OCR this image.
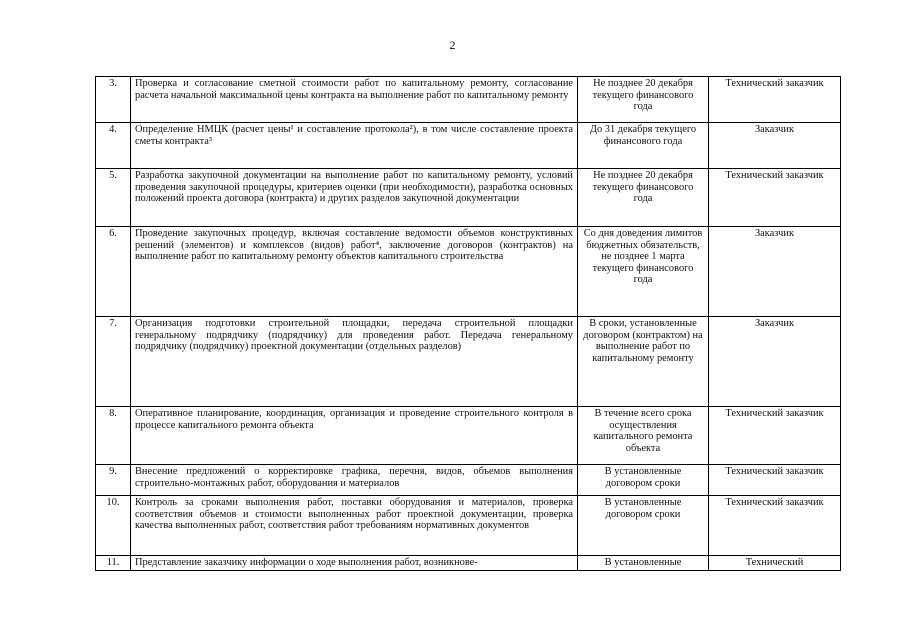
2
3.	Проверка и согласование сметной стоимости работ по капитальному ремонту, согласование расчета начальной максимальной цены контракта на выполнение работ по капитальному ремонту	Не позднее 20 декабря текущего финансового года	Технический заказчик
4.	Определение НМЦК (расчет цены¹ и составление протокола²), в том числе составление проекта сметы контракта³	До 31 декабря текущего финансового года	Заказчик
5.	Разработка закупочной документации на выполнение работ по капитальному ремонту, условий проведения закупочной процедуры, критериев оценки (при необходимости), разработка основных положений проекта договора (контракта) и других разделов закупочной документации	Не позднее 20 декабря текущего финансового года	Технический заказчик
6.	Проведение закупочных процедур, включая составление ведомости объемов конструктивных решений (элементов) и комплексов (видов) работ⁴, заключение договоров (контрактов) на выполнение работ по капитальному ремонту объектов капитального строительства	Со дня доведения лимитов бюджетных обязательств, не позднее 1 марта текущего финансового года	Заказчик
7.	Организация подготовки строительной площадки, передача строительной площадки генеральному подрядчику (подрядчику) для проведения работ. Передача генеральному подрядчику (подрядчику) проектной документации (отдельных разделов)	В сроки, установленные договором (контрактом) на выполнение работ по капитальному ремонту	Заказчик
8.	Оперативное планирование, координация, организация и проведение строительного контроля в процессе капитального ремонта объекта	В течение всего срока осуществления капитального ремонта объекта	Технический заказчик
9.	Внесение предложений о корректировке графика, перечня, видов, объемов выполнения строительно-монтажных работ, оборудования и материалов	В установленные договором сроки	Технический заказчик
10.	Контроль за сроками выполнения работ, поставки оборудования и материалов, проверка соответствия объемов и стоимости выполненных работ проектной документации, проверка качества выполненных работ, соответствия работ требованиям нормативных документов	В установленные договором сроки	Технический заказчик
11.	Представление заказчику информации о ходе выполнения работ, возникнове-	В установленные	Технический
